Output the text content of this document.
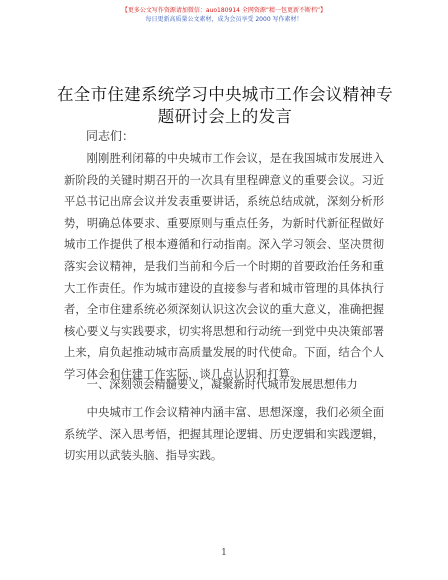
【更多公文写作资源请加微信：auo180914 全网资源”精一包更新不断档”】
每日更新高质量公文素材，成为会员享受 2000 写作素材！
在全市住建系统学习中央城市工作会议精神专题研讨会上的发言
同志们：

刚刚胜利闭幕的中央城市工作会议，是在我国城市发展进入新阶段的关键时期召开的一次具有里程碑意义的重要会议。习近平总书记出席会议并发表重要讲话，系统总结成就，深刻分析形势，明确总体要求、重要原则与重点任务，为新时代新征程做好城市工作提供了根本遵循和行动指南。深入学习领会、坚决贯彻落实会议精神，是我们当前和今后一个时期的首要政治任务和重大工作责任。作为城市建设的直接参与者和城市管理的具体执行者，全市住建系统必须深刻认识这次会议的重大意义，准确把握核心要义与实践要求，切实将思想和行动统一到党中央决策部署上来，肩负起推动城市高质量发展的时代使命。下面，结合个人学习体会和住建工作实际，谈几点认识和打算。

一、深刻领会精髓要义，凝聚新时代城市发展思想伟力

中央城市工作会议精神内涵丰富、思想深邃，我们必须全面系统学、深入思考悟，把握其理论逻辑、历史逻辑和实践逻辑，切实用以武装头脑、指导实践。

1
